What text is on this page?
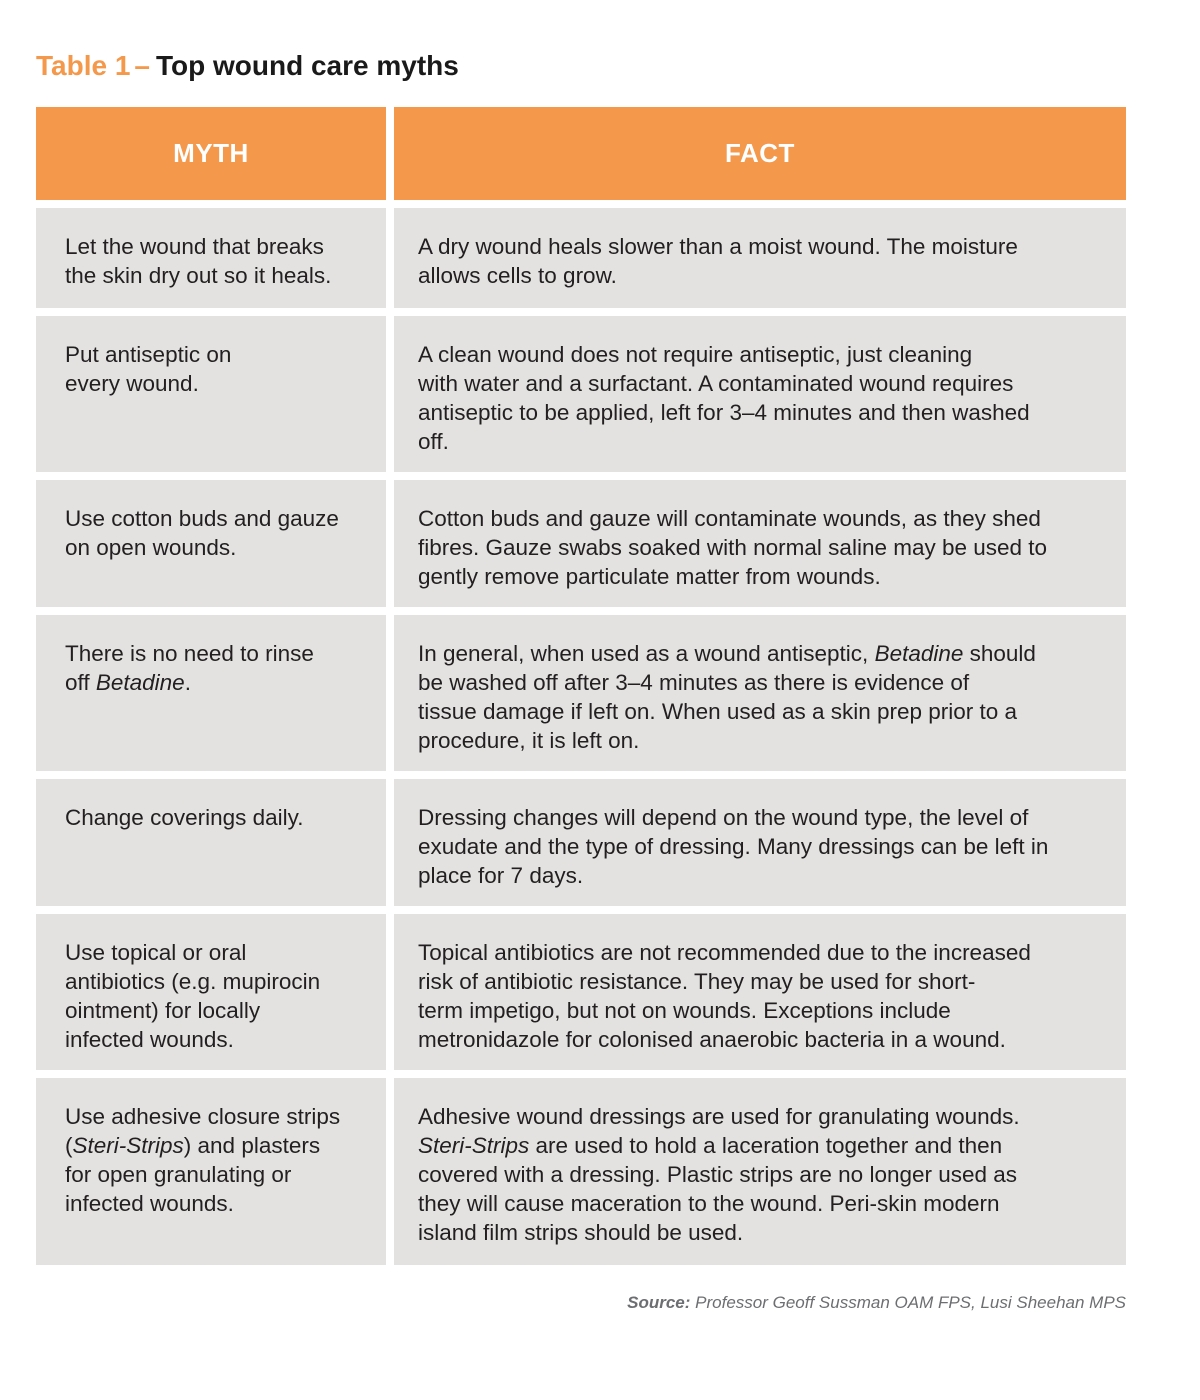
Table 1 – Top wound care myths
MYTH	FACT
Let the wound that breaks
the skin dry out so it heals.
A dry wound heals slower than a moist wound. The moisture
allows cells to grow.
Put antiseptic on
every wound.
A clean wound does not require antiseptic, just cleaning
with water and a surfactant. A contaminated wound requires
antiseptic to be applied, left for 3–4 minutes and then washed
off.
Use cotton buds and gauze
on open wounds.
Cotton buds and gauze will contaminate wounds, as they shed
fibres. Gauze swabs soaked with normal saline may be used to
gently remove particulate matter from wounds.
There is no need to rinse
off Betadine.
In general, when used as a wound antiseptic, Betadine should
be washed off after 3–4 minutes as there is evidence of
tissue damage if left on. When used as a skin prep prior to a
procedure, it is left on.
Change coverings daily.	Dressing changes will depend on the wound type, the level of
exudate and the type of dressing. Many dressings can be left in
place for 7 days.
Use topical or oral
antibiotics (e.g. mupirocin
ointment) for locally
infected wounds.
Topical antibiotics are not recommended due to the increased
risk of antibiotic resistance. They may be used for short-
term impetigo, but not on wounds. Exceptions include
metronidazole for colonised anaerobic bacteria in a wound.
Use adhesive closure strips
(Steri-Strips) and plasters
for open granulating or
infected wounds.
Adhesive wound dressings are used for granulating wounds.
Steri-Strips are used to hold a laceration together and then
covered with a dressing. Plastic strips are no longer used as
they will cause maceration to the wound. Peri-skin modern
island film strips should be used.
Source: Professor Geoff Sussman OAM FPS, Lusi Sheehan MPS
